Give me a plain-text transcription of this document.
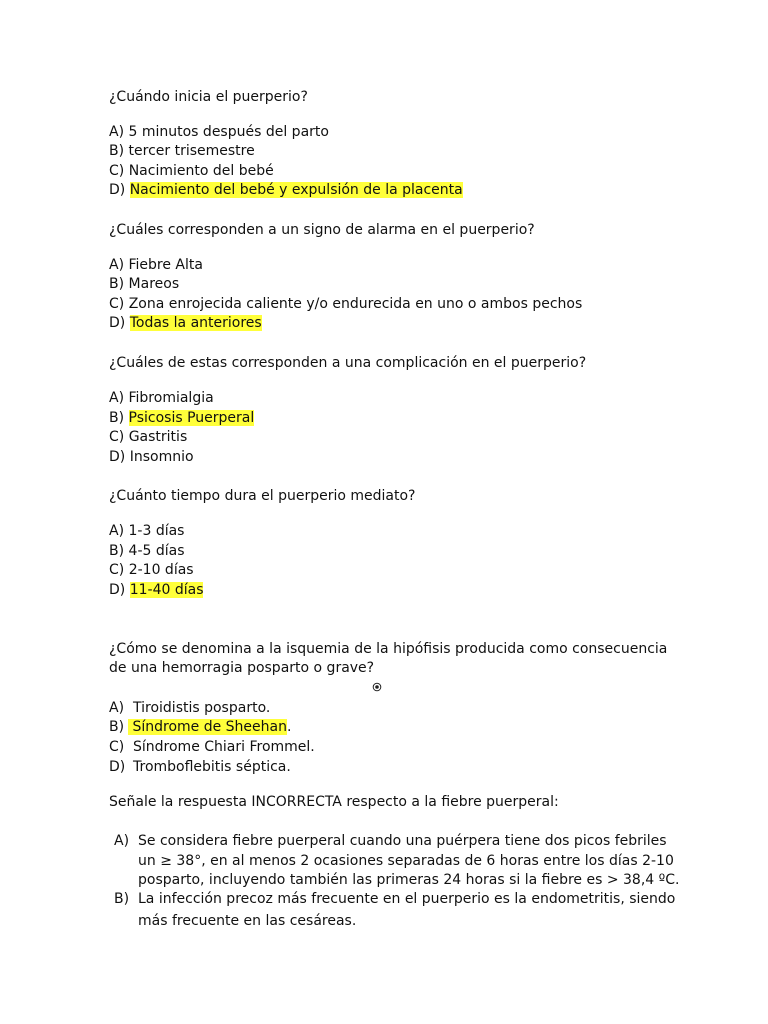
¿Cuándo inicia el puerperio?
A) 5 minutos después del parto
B) tercer trisemestre
C) Nacimiento del bebé
D) Nacimiento del bebé y expulsión de la placenta
¿Cuáles corresponden a un signo de alarma en el puerperio?
A) Fiebre Alta
B) Mareos
C) Zona enrojecida caliente y/o endurecida en uno o ambos pechos
D) Todas la anteriores
¿Cuáles de estas corresponden a una complicación en el puerperio?
A) Fibromialgia
B) Psicosis Puerperal
C) Gastritis
D) Insomnio
¿Cuánto tiempo dura el puerperio mediato?
A) 1-3 días
B) 4-5 días
C) 2-10 días
D) 11-40 días
¿Cómo se denomina a la isquemia de la hipófisis producida como consecuencia
de una hemorragia posparto o grave?
A) Tiroidistis posparto.
B) Síndrome de Sheehan.
C) Síndrome Chiari Frommel.
D) Tromboflebitis séptica.
Señale la respuesta INCORRECTA respecto a la fiebre puerperal:
A) Se considera fiebre puerperal cuando una puérpera tiene dos picos febriles
un ≥ 38°, en al menos 2 ocasiones separadas de 6 horas entre los días 2-10
posparto, incluyendo también las primeras 24 horas si la fiebre es > 38,4 ºC.
B) La infección precoz más frecuente en el puerperio es la endometritis, siendo
más frecuente en las cesáreas.
